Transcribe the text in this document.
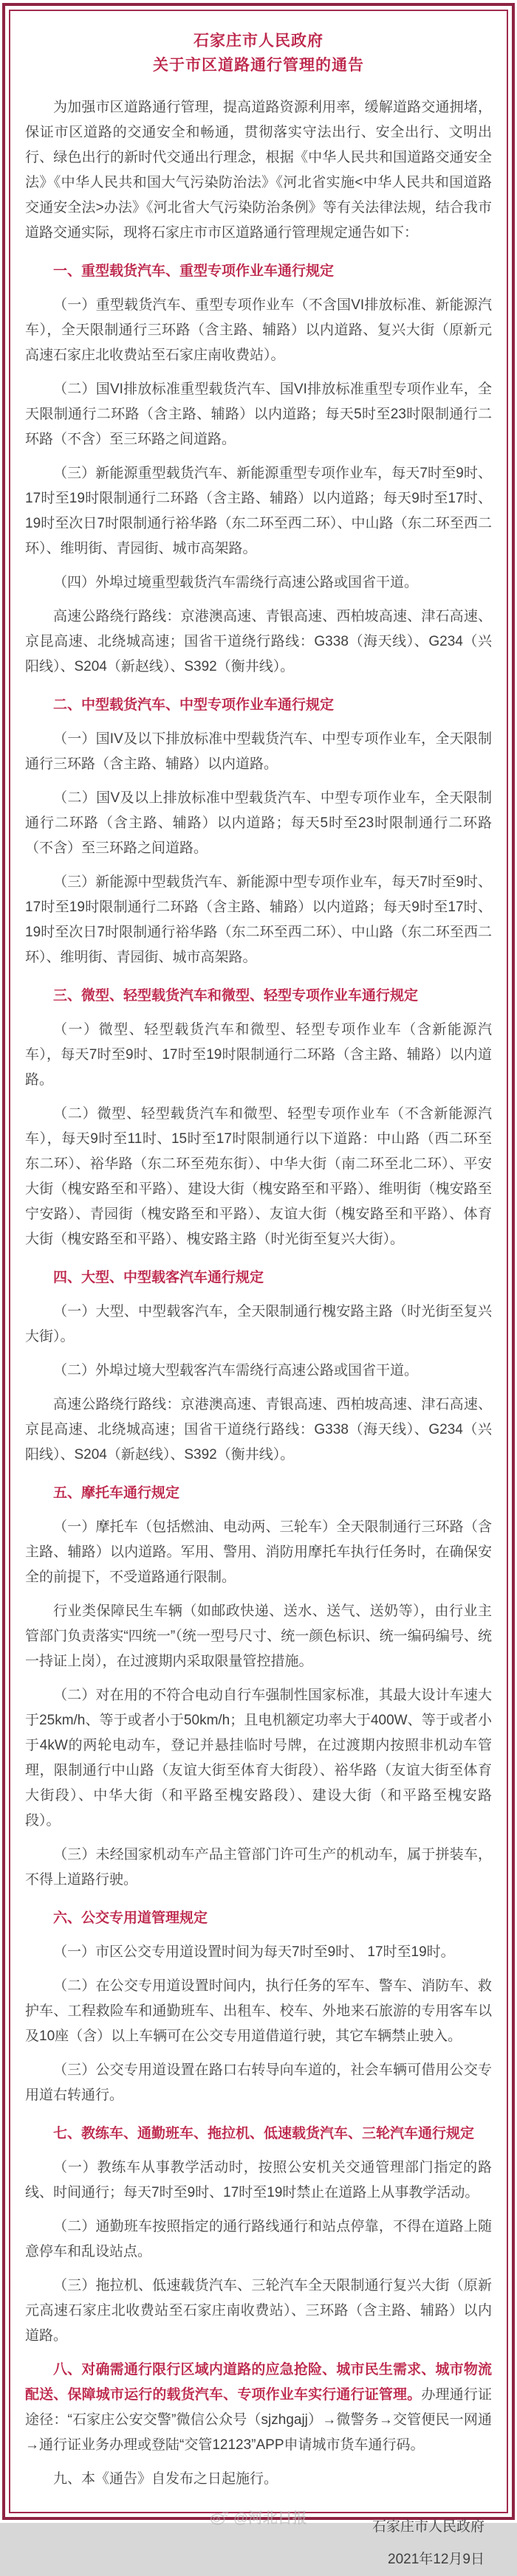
石家庄市人民政府
关于市区道路通行管理的通告

为加强市区道路通行管理，提高道路资源利用率，缓解道路交通拥堵，保证市区道路的交通安全和畅通，贯彻落实守法出行、安全出行、文明出行、绿色出行的新时代交通出行理念，根据《中华人民共和国道路交通安全法》《中华人民共和国大气污染防治法》《河北省实施<中华人民共和国道路交通安全法>办法》《河北省大气污染防治条例》等有关法律法规，结合我市道路交通实际，现将石家庄市市区道路通行管理规定通告如下：

一、重型载货汽车、重型专项作业车通行规定

（一）重型载货汽车、重型专项作业车（不含国VI排放标准、新能源汽车），全天限制通行三环路（含主路、辅路）以内道路、复兴大街（原新元高速石家庄北收费站至石家庄南收费站）。

（二）国VI排放标准重型载货汽车、国VI排放标准重型专项作业车，全天限制通行二环路（含主路、辅路）以内道路；每天5时至23时限制通行二环路（不含）至三环路之间道路。

（三）新能源重型载货汽车、新能源重型专项作业车，每天7时至9时、17时至19时限制通行二环路（含主路、辅路）以内道路；每天9时至17时、19时至次日7时限制通行裕华路（东二环至西二环）、中山路（东二环至西二环）、维明街、青园街、城市高架路。

（四）外埠过境重型载货汽车需绕行高速公路或国省干道。

高速公路绕行路线：京港澳高速、青银高速、西柏坡高速、津石高速、京昆高速、北绕城高速；国省干道绕行路线：G338（海天线）、G234（兴阳线）、S204（新赵线）、S392（衡井线）。

二、中型载货汽车、中型专项作业车通行规定

（一）国IV及以下排放标准中型载货汽车、中型专项作业车，全天限制通行三环路（含主路、辅路）以内道路。

（二）国V及以上排放标准中型载货汽车、中型专项作业车，全天限制通行二环路（含主路、辅路）以内道路；每天5时至23时限制通行二环路（不含）至三环路之间道路。

（三）新能源中型载货汽车、新能源中型专项作业车，每天7时至9时、17时至19时限制通行二环路（含主路、辅路）以内道路；每天9时至17时、19时至次日7时限制通行裕华路（东二环至西二环）、中山路（东二环至西二环）、维明街、青园街、城市高架路。

三、微型、轻型载货汽车和微型、轻型专项作业车通行规定

（一）微型、轻型载货汽车和微型、轻型专项作业车（含新能源汽车），每天7时至9时、17时至19时限制通行二环路（含主路、辅路）以内道路。

（二）微型、轻型载货汽车和微型、轻型专项作业车（不含新能源汽车），每天9时至11时、15时至17时限制通行以下道路：中山路（西二环至东二环）、裕华路（东二环至苑东街）、中华大街（南二环至北二环）、平安大街（槐安路至和平路）、建设大街（槐安路至和平路）、维明街（槐安路至宁安路）、青园街（槐安路至和平路）、友谊大街（槐安路至和平路）、体育大街（槐安路至和平路）、槐安路主路（时光街至复兴大街）。

四、大型、中型载客汽车通行规定

（一）大型、中型载客汽车，全天限制通行槐安路主路（时光街至复兴大街）。

（二）外埠过境大型载客汽车需绕行高速公路或国省干道。

高速公路绕行路线：京港澳高速、青银高速、西柏坡高速、津石高速、京昆高速、北绕城高速；国省干道绕行路线：G338（海天线）、G234（兴阳线）、S204（新赵线）、S392（衡井线）。

五、摩托车通行规定

（一）摩托车（包括燃油、电动两、三轮车）全天限制通行三环路（含主路、辅路）以内道路。军用、警用、消防用摩托车执行任务时，在确保安全的前提下，不受道路通行限制。

行业类保障民生车辆（如邮政快递、送水、送气、送奶等），由行业主管部门负责落实“四统一”（统一型号尺寸、统一颜色标识、统一编码编号、统一持证上岗），在过渡期内采取限量管控措施。

（二）对在用的不符合电动自行车强制性国家标准，其最大设计车速大于25km/h、等于或者小于50km/h；且电机额定功率大于400W、等于或者小于4kW的两轮电动车，登记并悬挂临时号牌，在过渡期内按照非机动车管理，限制通行中山路（友谊大街至体育大街段）、裕华路（友谊大街至体育大街段）、中华大街（和平路至槐安路段）、建设大街（和平路至槐安路段）。

（三）未经国家机动车产品主管部门许可生产的机动车，属于拼装车，不得上道路行驶。

六、公交专用道管理规定

（一）市区公交专用道设置时间为每天7时至9时、 17时至19时。

（二）在公交专用道设置时间内，执行任务的军车、警车、消防车、救护车、工程救险车和通勤班车、出租车、校车、外地来石旅游的专用客车以及10座（含）以上车辆可在公交专用道借道行驶，其它车辆禁止驶入。

（三）公交专用道设置在路口右转导向车道的，社会车辆可借用公交专用道右转通行。

七、教练车、通勤班车、拖拉机、低速载货汽车、三轮汽车通行规定

（一）教练车从事教学活动时，按照公安机关交通管理部门指定的路线、时间通行；每天7时至9时、17时至19时禁止在道路上从事教学活动。

（二）通勤班车按照指定的通行路线通行和站点停靠，不得在道路上随意停车和乱设站点。

（三）拖拉机、低速载货汽车、三轮汽车全天限制通行复兴大街（原新元高速石家庄北收费站至石家庄南收费站）、三环路（含主路、辅路）以内道路。

八、对确需通行限行区域内道路的应急抢险、城市民生需求、城市物流配送、保障城市运行的载货汽车、专项作业车实行通行证管理。办理通行证途径：“石家庄公安交警”微信公众号（sjzhgajj）→微警务→交管便民一网通→通行证业务办理或登陆“交管12123”APP申请城市货车通行码。

九、本《通告》自发布之日起施行。

石家庄市人民政府
2021年12月9日
@河北日报
